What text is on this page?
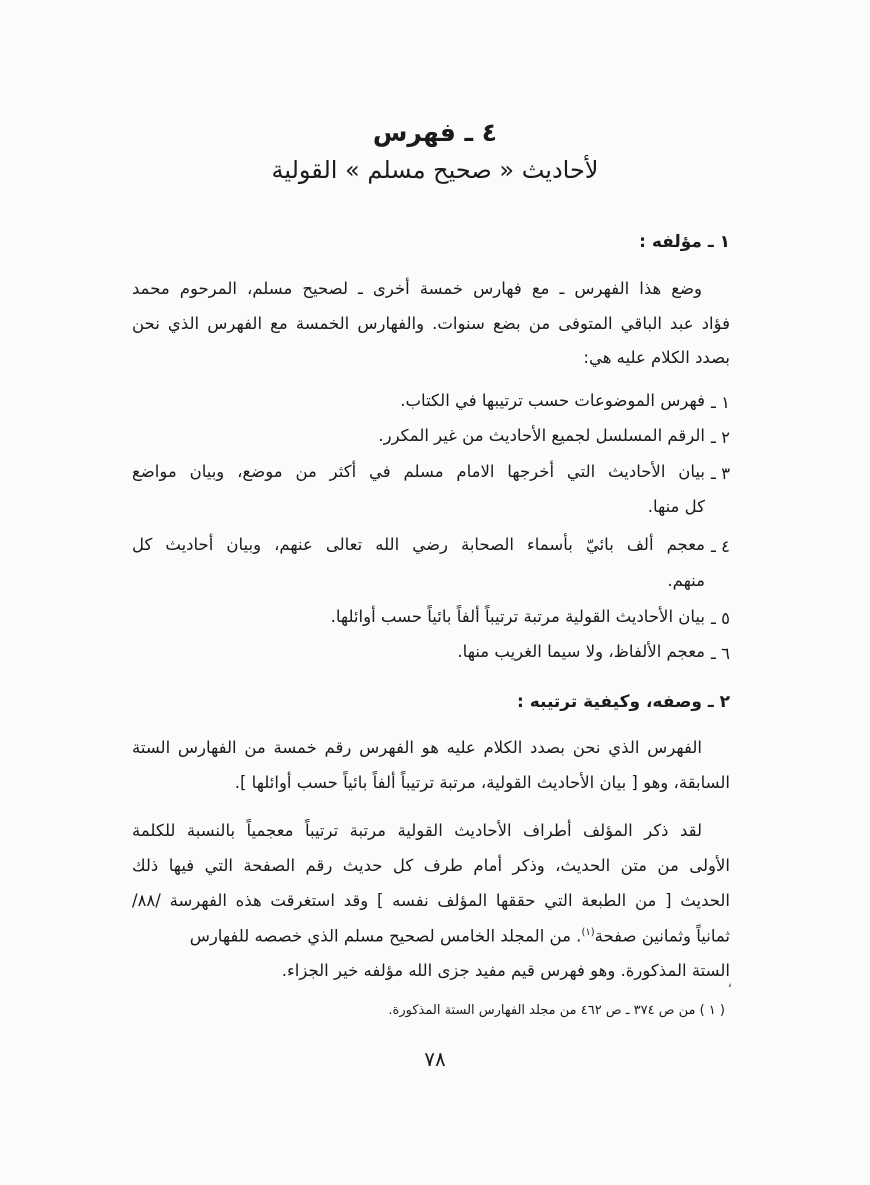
٤ ـ فهرس
لأحاديث « صحيح مسلم » القولية
١ ـ مؤلفه :
وضع هذا الفهرس ـ مع فهارس خمسة أخرى ـ لصحيح مسلم، المرحوم محمد
فؤاد عبد الباقي المتوفى من بضع سنوات. والفهارس الخمسة مع الفهرس الذي نحن
بصدد الكلام عليه هي:
١ ـ
فهرس الموضوعات حسب ترتيبها في الكتاب.
٢ ـ
الرقم المسلسل لجميع الأحاديث من غير المكرر.
٣ ـ
بيان الأحاديث التي أخرجها الامام مسلم في أكثر من موضع، وبيان مواضع
كل منها.
٤ ـ
معجم ألف بائيّ بأسماء الصحابة رضي الله تعالى عنهم، وبيان أحاديث كل
منهم.
٥ ـ
بيان الأحاديث القولية مرتبة ترتيباً ألفاً بائياً حسب أوائلها.
٦ ـ
معجم الألفاظ، ولا سيما الغريب منها.
٢ ـ وصفه، وكيفية ترتيبه :
الفهرس الذي نحن بصدد الكلام عليه هو الفهرس رقم خمسة من الفهارس الستة
السابقة، وهو [ بيان الأحاديث القولية، مرتبة ترتيباً ألفاً بائياً حسب أوائلها ].
لقد ذكر المؤلف أطراف الأحاديث القولية مرتبة ترتيباً معجمياً بالنسبة للكلمة
الأولى من متن الحديث، وذكر أمام طرف كل حديث رقم الصفحة التي فيها ذلك
الحديث [ من الطبعة التي حققها المؤلف نفسه ] وقد استغرقت هذه الفهرسة /٨٨/
ثمانياً وثمانين صفحة$^{(١)}$. من المجلد الخامس لصحيح مسلم الذي خصصه للفهارس
الستة المذكورة. وهو فهرس قيم مفيد جزى الله مؤلفه خير الجزاء.
،
( ١ ) من ص ٣٧٤ ـ ص ٤٦٢ من مجلد الفهارس الستة المذكورة.
٧٨
